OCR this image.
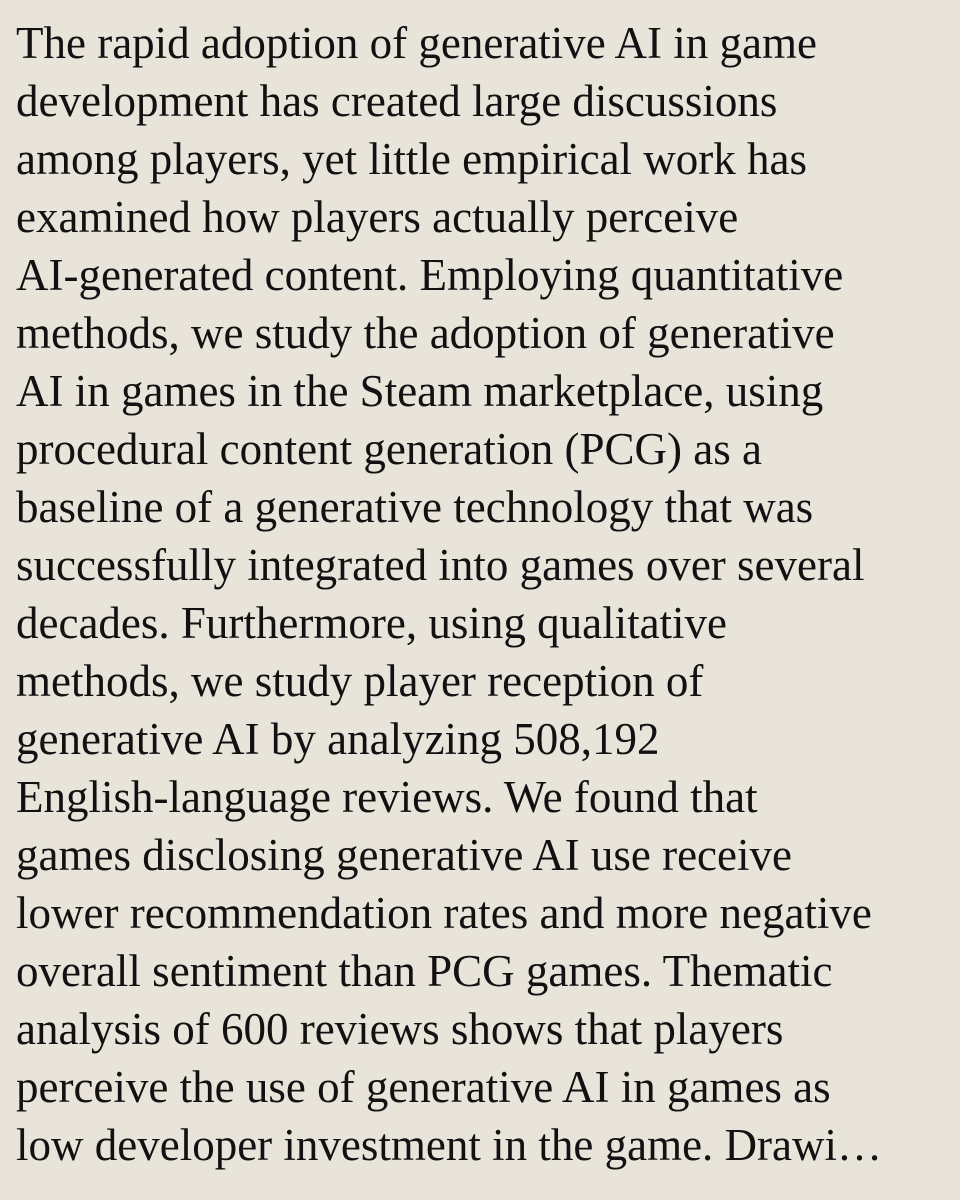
The rapid adoption of generative AI in game
development has created large discussions
among players, yet little empirical work has
examined how players actually perceive
AI-generated content. Employing quantitative
methods, we study the adoption of generative
AI in games in the Steam marketplace, using
procedural content generation (PCG) as a
baseline of a generative technology that was
successfully integrated into games over several
decades. Furthermore, using qualitative
methods, we study player reception of
generative AI by analyzing 508,192
English-language reviews. We found that
games disclosing generative AI use receive
lower recommendation rates and more negative
overall sentiment than PCG games. Thematic
analysis of 600 reviews shows that players
perceive the use of generative AI in games as
low developer investment in the game. Drawi…
